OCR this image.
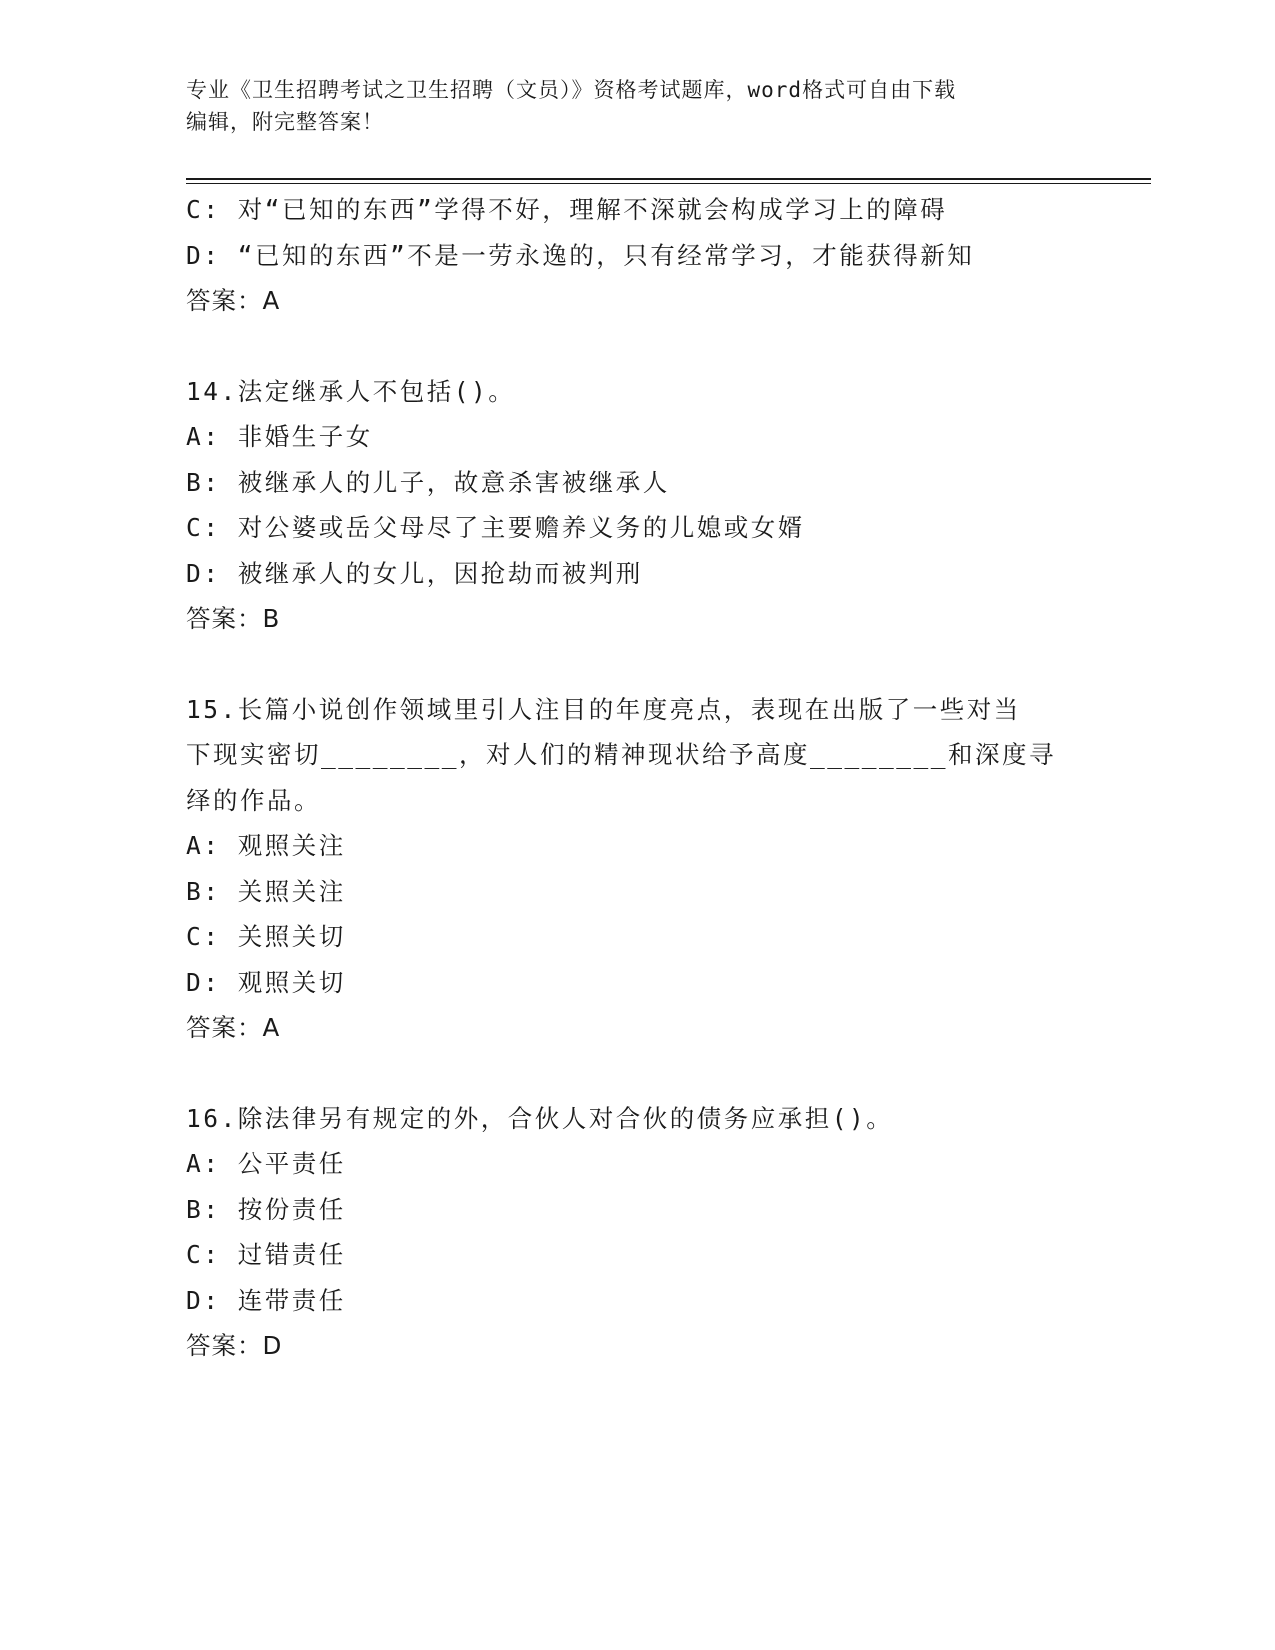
专业《卫生招聘考试之卫生招聘（文员）》资格考试题库，word格式可自由下载
编辑，附完整答案！
C: 对“已知的东西”学得不好，理解不深就会构成学习上的障碍
D: “已知的东西”不是一劳永逸的，只有经常学习，才能获得新知
答案：A
14.法定继承人不包括()。
A: 非婚生子女
B: 被继承人的儿子，故意杀害被继承人
C: 对公婆或岳父母尽了主要赡养义务的儿媳或女婿
D: 被继承人的女儿，因抢劫而被判刑
答案：B
15.长篇小说创作领域里引人注目的年度亮点，表现在出版了一些对当
下现实密切________，对人们的精神现状给予高度________和深度寻
绎的作品。
A: 观照关注
B: 关照关注
C: 关照关切
D: 观照关切
答案：A
16.除法律另有规定的外，合伙人对合伙的债务应承担()。
A: 公平责任
B: 按份责任
C: 过错责任
D: 连带责任
答案：D
